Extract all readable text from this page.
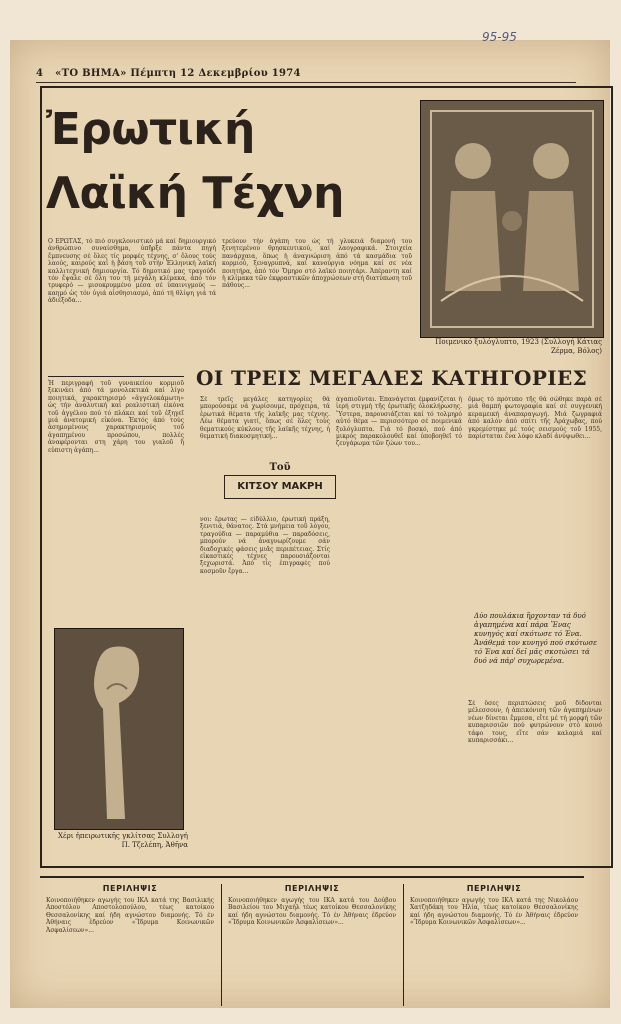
95-95
4 «ΤΟ ΒΗΜΑ» Πέμπτη 12 Δεκεμβρίου 1974
Ἐρωτική
Λαϊκή Τέχνη
Ποιμενικό ξυλόγλυπτο, 1923 (Συλλογή Κάτιας Ζέρμα, Βόλος)
Ο ΕΡΩΤΑΣ, τό πιό συγκλονιστικό μά καί δημιουργικό ἀνθρώπινο συναίσθημα, ὑπῆρξε πάντα πηγή ἔμπνευσης σέ ὅλες τίς μορφές τέχνης, σ' ὅλους τούς λαούς, καιρούς καί ἡ βάση τοῦ στήν Ἑλληνική λαϊκή καλλιτεχνική δημιουργία. Τό δημοτικό μας τραγούδι τόν ἔψαλε σέ ὅλη του τή μεγάλη κλίμακα, ἀπό τόν τρυφερό — μισοκρυμμένο μέσα σέ ὑπαινιγμούς — καημό ὡς τόν ὑγιά αἰσθησιασμό, ἀπό τή θλίψη γιά τά ἀδιέξοδα...
τρεύουν τήν ἀγάπη του ὡς τή γλυκειά διαμονή του ξενητεμένου θρησκευτικού, καί λαογραφικά. Στοιχεία πανάρχαια, ὅπως ἡ ἀναγνώριση ἀπό τά κασμάδια τοῦ κορμιού, ξεναγρυπνά, καί κανούργια νόημα καί σε νέα ποιητήρα, ἀπό τόν Ὅμηρο στό λαϊκό ποιητάρι. Ἀπέραντη καί ἡ κλίμακα τῶν ἐκφραστικῶν ἀποχρώσεων στή διατύπωση τοῦ πάθους...
ΟΙ ΤΡΕΙΣ ΜΕΓΑΛΕΣ ΚΑΤΗΓΟΡΙΕΣ
Ἡ περιγραφή τοῦ γυναικείου κορμιοῦ ξεκινάει ἀπό τά μονολεκτικά καί λίγο ποιητικά, χαρακτηρισμό «ἀγγελοκάμωτη» ὡς τήν ἀναλυτική καί ρεαλιστική εἰκόνα τοῦ ἀγγέλου πού τό πλάκει καί τοῦ ἐξηγεῖ μιά ἀνατομική εἰκόνα. Ἐκτός ἀπό τούς ἀσημομένους χαρακτηρισμούς τοῦ ἀγαπημένου προσώπου, πολλές ἀναφέρονται στη χάρη του γιαλοῦ ἢ εὐπιστη ἀγάπη...
Σέ τρεῖς μεγάλες κατηγορίες θά μπορούσαμε νά χωρίσουμε, πρόχειρα, τά ἐρωτικά θέματα τῆς λαϊκῆς μας τέχνης. Λέω θέματα γιατί, ὅπως σέ ὅλες τούς θεματικούς κύκλους τῆς λαϊκῆς τέχνης, ἡ θεματική διακοσμητική...
Τοῦ
ΚΙΤΣΟΥ ΜΑΚΡΗ
νοι: ἔρωτας — εἰδύλλιο, ἐρωτική πράξη, ξενιτιά, θάνατος. Στά μνήμεια τοῦ λόγου, τραγούδια — παραμύθια — παραδόσεις, μπορούν νά ἀναγνωρίζουμε σάν διαδοχικές φάσεις μιᾶς περιπέτειας. Στίς εἰκαστικές τέχνες παρουσιάζονται ξεχωριστά. Ἀπό τίς ἐπιγραφές πού κοσμοῦν ἔργα...
ἀγαπιοῦνται. Ἐπανάγεται ἐμφανίζεται ἡ ἰερή στιγμή τῆς ἐρωτικῆς ὁλοκλήρωσης. Ὕστερα, παρουσιάζεται καί τό τολμηρό αὐτό θέμα — περισσότερο σέ ποιμενικά ξυλόγλυπτα. Γιά τό βοσκό, πού ἀπό μικρός παρακολουθεῖ καί ὑποβοηθεῖ τό ζευγάρωμα τῶν ζώων του...
ὅμως τό πρότυπο τῆς θά σώθηκε παρά σέ μιά θαμπή φωτογραφία καί σέ συγγενική κεραμεική ἀναπαραγωγή. Μιά ζωγραφιά ἀπό καλόν ἀπό σπίτι τῆς Ἀράχωβας, πού γκρεμίστηκε μέ τούς σεισμούς τοῦ 1955, παρίσταται ἕνα λόφο κλαδί ἀνύψωθει...
Δύο πουλάκια ἥρχονταν τά δυό ἀγαπημένα καί πάρα Ἕνας κυνηγός καί σκότωσε τό Ένα. Ἀνάθεμά τον κυνηγό πού σκότωσε τό Ένα καί δεῖ μᾶς σκοτώσει τά δυό νά πάρ' συχωρεμένα.
Σέ ὅσες περιπτώσεις μοῦ δίδονται μέλεσσουν, ἡ ἀπεικόνιση τῶν ἀγαπημένων νέων δίνεται ἔμμεσα, εἴτε μέ τή μορφή τῶν κυπαρισσιῶν πού φυτρώνουν στό κοινό τάφο τους, εἴτε σάν καλαμιά καί κυπαρισσάκι...
Χέρι ἠπειρωτικῆς γκλίτσας Συλλογή Π. Τζελέπη, Ἀθῆνα
ΠΕΡΙΛΗΨΙΣ
Κοινοποιήθηκεν αγωγής του ΙΚΑ κατά της Βασιλικής Αποστόλου Αποστολοπούλου, τέως κατοίκου Θεσσαλονίκης καί ήδη αγνώστου διαμονής. Τό έν Ἀθήναις ἐδρεύον «Ἵδρυμα Κοινωνικῶν Ἀσφαλίσεων»...
ΠΕΡΙΛΗΨΙΣ
Κοινοποιήθηκεν αγωγής του ΙΚΑ κατά του Δούβου Βασιλείου του Μιχαήλ τέως κατοίκου Θεσσαλονίκης καί ήδη αγνώστου διαμονής. Τό έν Ἀθήναις ἐδρεύον «Ἵδρυμα Κοινωνικῶν Ἀσφαλίσεων»...
ΠΕΡΙΛΗΨΙΣ
Κοινοποιήθηκεν αγωγής του ΙΚΑ κατά της Νικολάου Χατζηδάκη του Ἠλία, τέως κατοίκου Θεσσαλονίκης καί ήδη αγνώστου διαμονής. Τό έν Ἀθήναις ἐδρεύον «Ἵδρυμα Κοινωνικῶν Ἀσφαλίσεων»...
